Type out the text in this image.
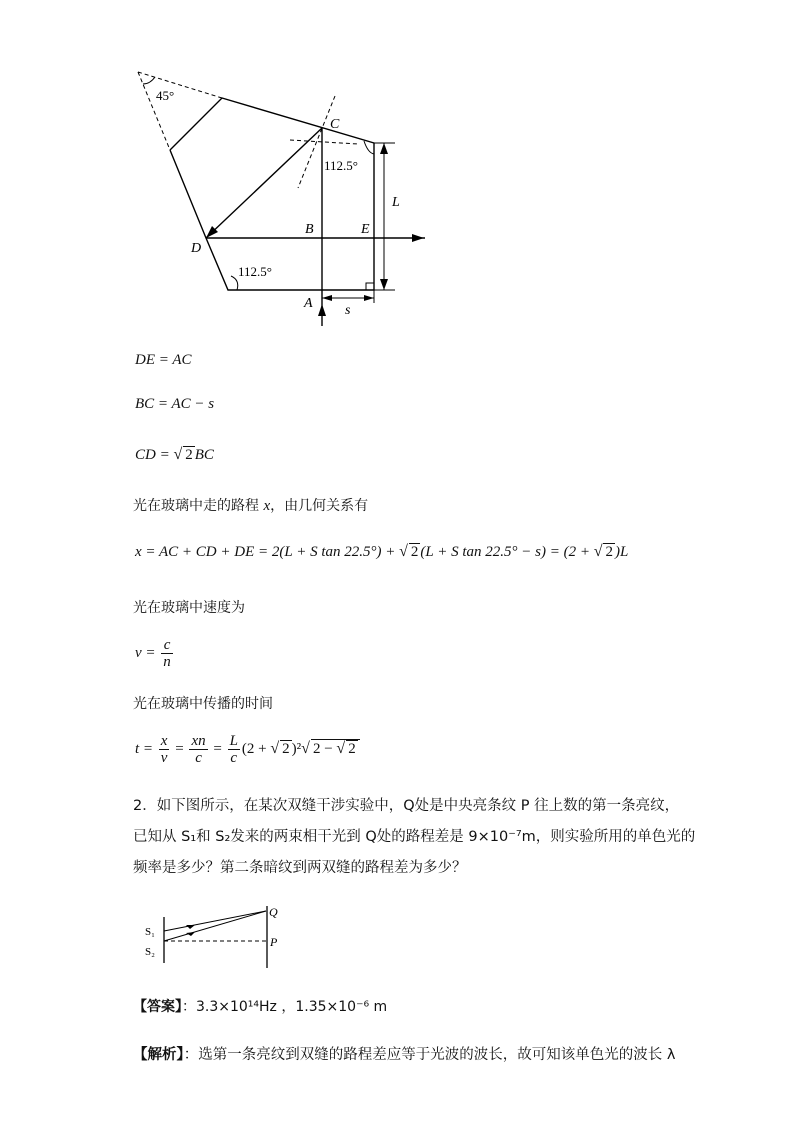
45°
C
112.5°
D
B	E
112.5°
A
L
s
DE = AC
BC = AC − s
CD = √ 2 BC
光在玻璃中走的路程 x，由几何关系有
x = AC + CD + DE = 2(L + S tan 22.5°) + √ 2 (L + S tan 22.5° − s) = (2 + √ 2 )L
光在玻璃中速度为
$v = \frac{c}{n}$
光在玻璃中传播的时间
$t = \frac{x}{v} = \frac{xn}{c} = \frac{L}{c} (2$ + √ 2 )²√ 2 − √ 2
2．如下图所示，在某次双缝干涉实验中，Q处是中央亮条纹 P 往上数的第一条亮纹，
已知从 S₁和 S₂发来的两束相干光到 Q处的路程差是 9×10⁻⁷m，则实验所用的单色光的
频率是多少？第二条暗纹到两双缝的路程差为多少？
Q
P
S₁
S₂
【答案】：3.3×10¹⁴Hz ，1.35×10⁻⁶ m
【解析】：选第一条亮纹到双缝的路程差应等于光波的波长，故可知该单色光的波长 λ
